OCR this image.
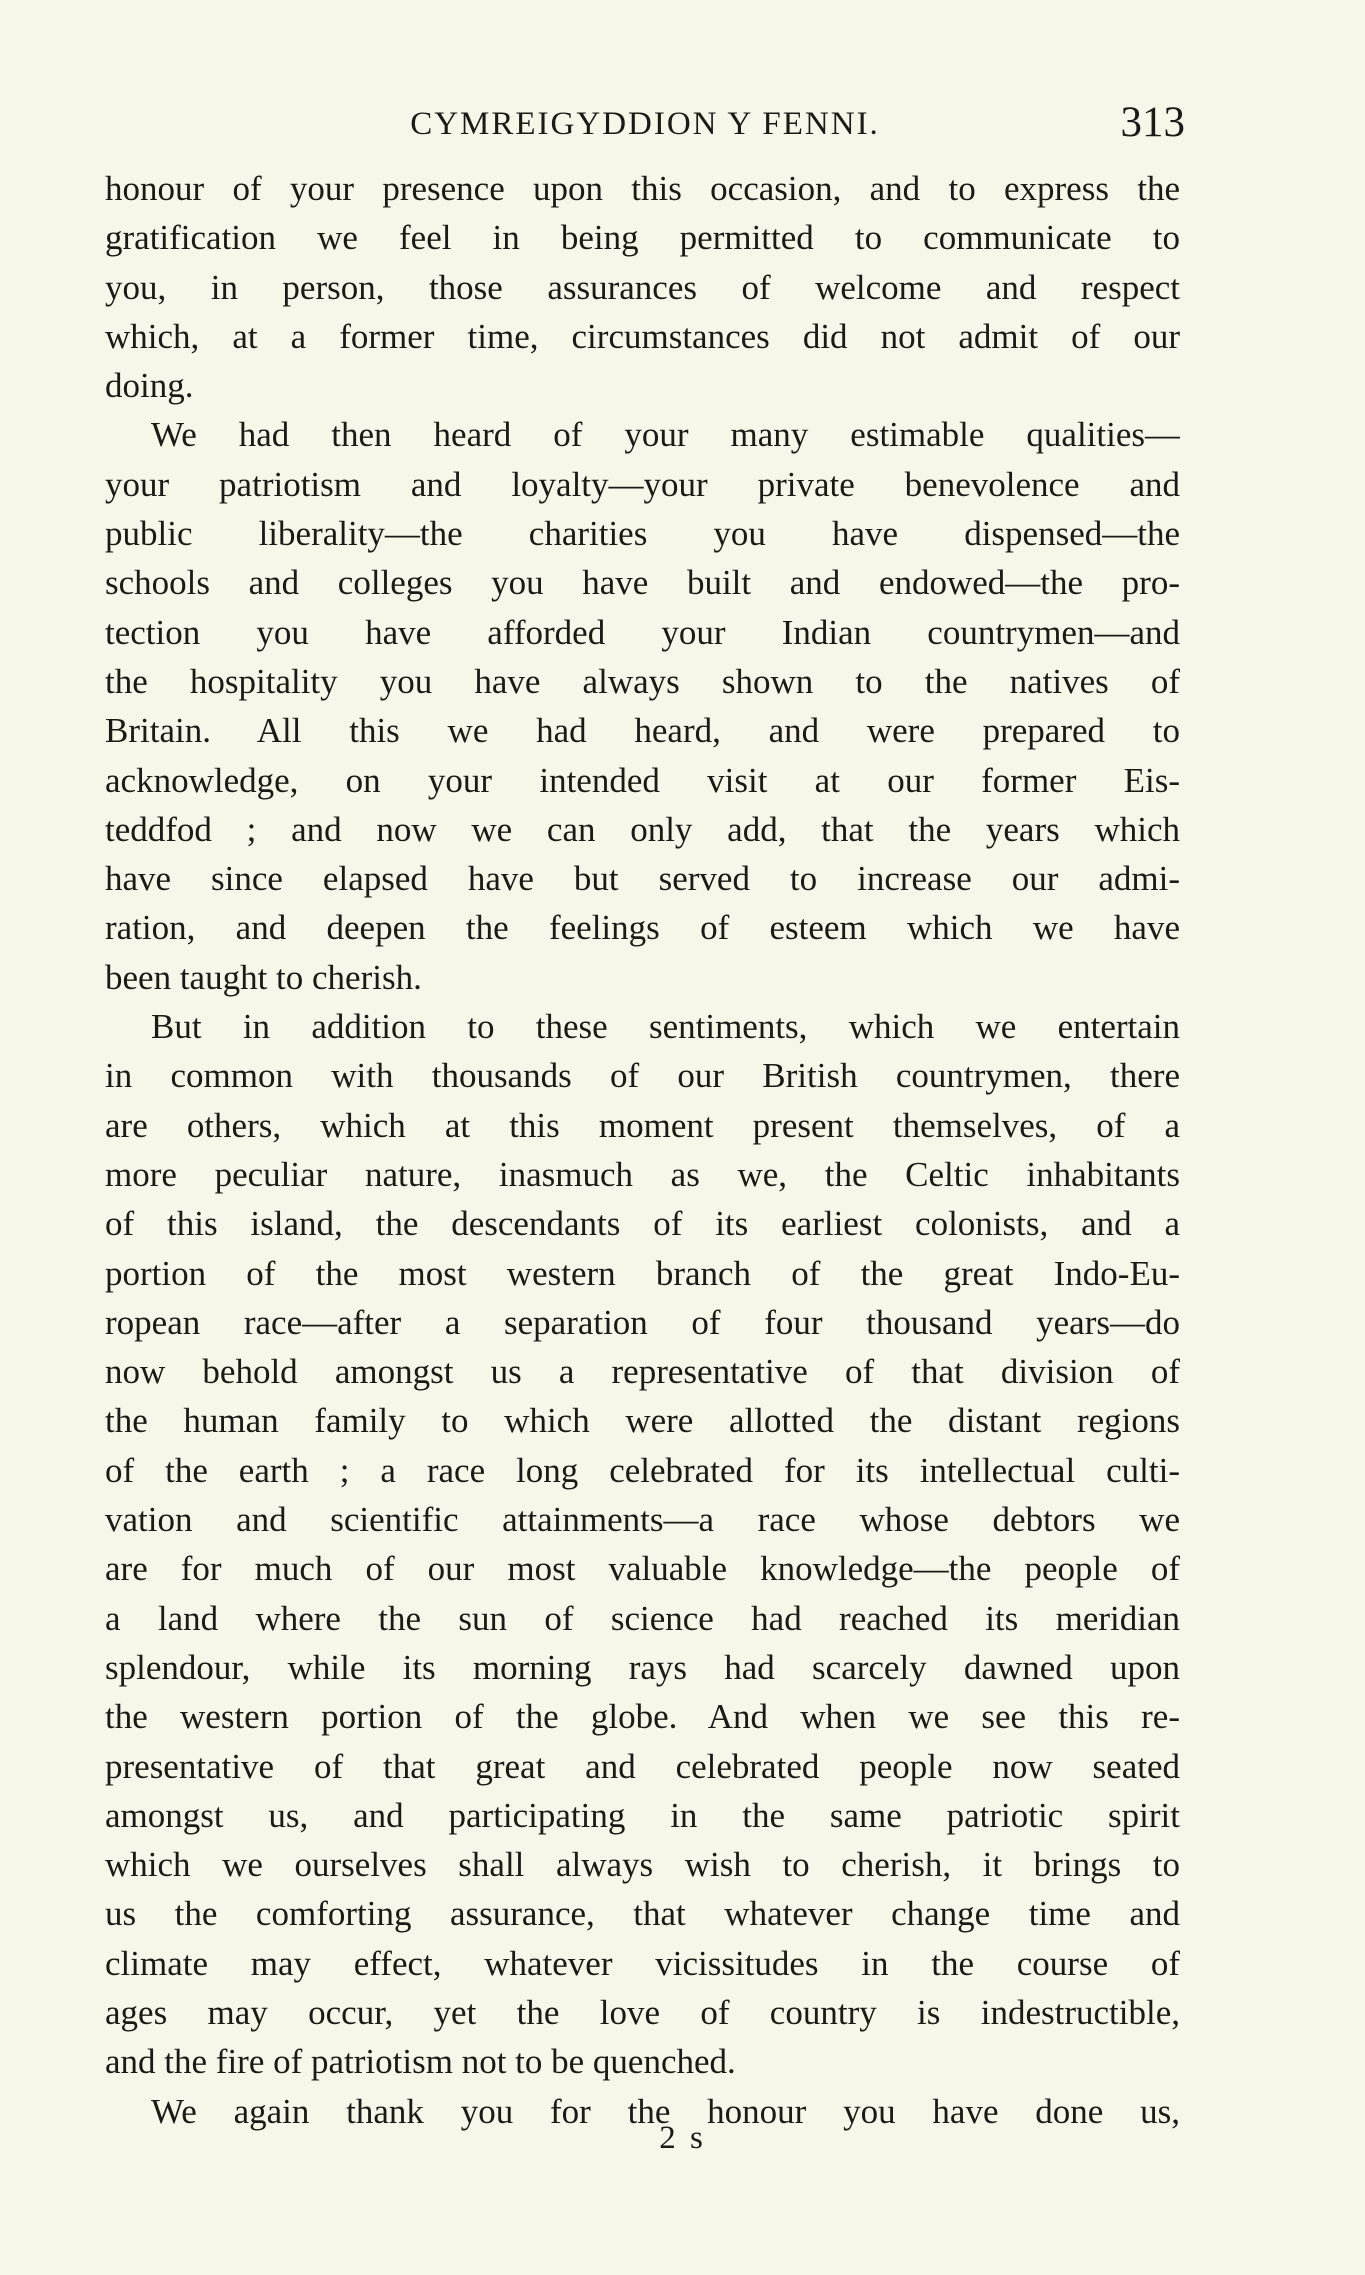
CYMREIGYDDION Y FENNI.	313
honour of your presence upon this occasion, and to express the
gratification we feel in being permitted to communicate to
you, in person, those assurances of welcome and respect
which, at a former time, circumstances did not admit of our
doing.
We had then heard of your many estimable qualities—
your patriotism and loyalty—your private benevolence and
public liberality—the charities you have dispensed—the
schools and colleges you have built and endowed—the pro-
tection you have afforded your Indian countrymen—and
the hospitality you have always shown to the natives of
Britain. All this we had heard, and were prepared to
acknowledge, on your intended visit at our former Eis-
teddfod ; and now we can only add, that the years which
have since elapsed have but served to increase our admi-
ration, and deepen the feelings of esteem which we have
been taught to cherish.
But in addition to these sentiments, which we entertain
in common with thousands of our British countrymen, there
are others, which at this moment present themselves, of a
more peculiar nature, inasmuch as we, the Celtic inhabitants
of this island, the descendants of its earliest colonists, and a
portion of the most western branch of the great Indo-Eu-
ropean race—after a separation of four thousand years—do
now behold amongst us a representative of that division of
the human family to which were allotted the distant regions
of the earth ; a race long celebrated for its intellectual culti-
vation and scientific attainments—a race whose debtors we
are for much of our most valuable knowledge—the people of
a land where the sun of science had reached its meridian
splendour, while its morning rays had scarcely dawned upon
the western portion of the globe. And when we see this re-
presentative of that great and celebrated people now seated
amongst us, and participating in the same patriotic spirit
which we ourselves shall always wish to cherish, it brings to
us the comforting assurance, that whatever change time and
climate may effect, whatever vicissitudes in the course of
ages may occur, yet the love of country is indestructible,
and the fire of patriotism not to be quenched.
We again thank you for the honour you have done us,
2 s
